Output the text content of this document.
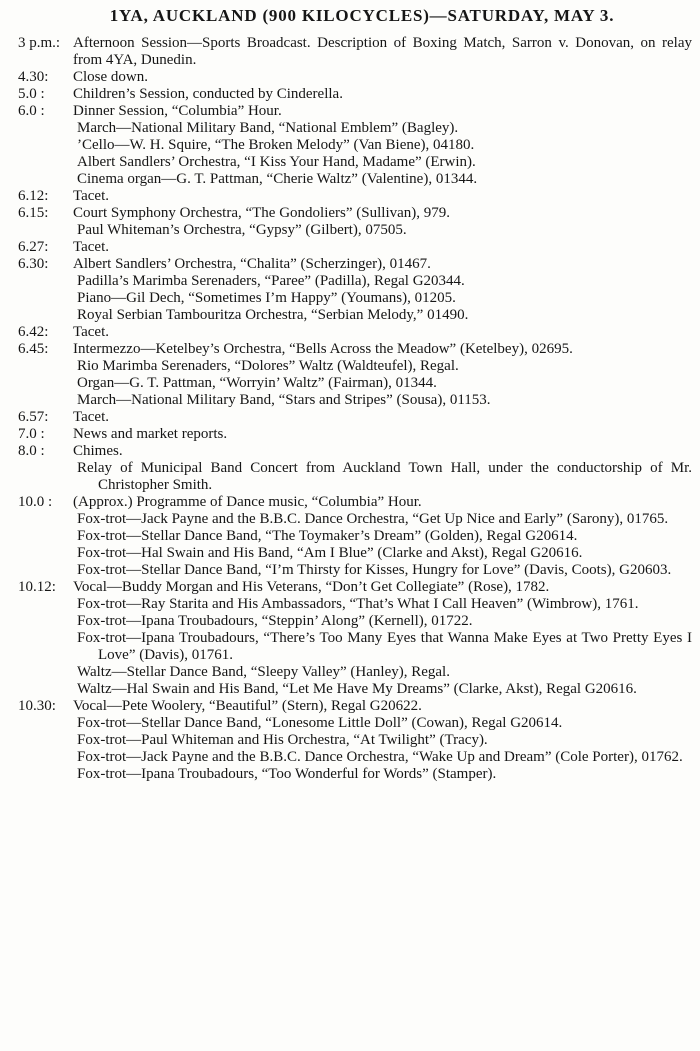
1YA, AUCKLAND (900 KILOCYCLES)—SATURDAY, MAY 3.
3 p.m.: Afternoon Session—Sports Broadcast. Description of Boxing Match, Sarron v. Donovan, on relay from 4YA, Dunedin.
4.30:	Close down.
5.0 :	Children’s Session, conducted by Cinderella.
6.0 :	Dinner Session, “Columbia” Hour.
March—National Military Band, “National Emblem” (Bagley).
’Cello—W. H. Squire, “The Broken Melody” (Van Biene), 04180.
Albert Sandlers’ Orchestra, “I Kiss Your Hand, Madame” (Erwin).
Cinema organ—G. T. Pattman, “Cherie Waltz” (Valentine), 01344.
6.12:	Tacet.
6.15:	Court Symphony Orchestra, “The Gondoliers” (Sullivan), 979.
Paul Whiteman’s Orchestra, “Gypsy” (Gilbert), 07505.
6.27:	Tacet.
6.30:	Albert Sandlers’ Orchestra, “Chalita” (Scherzinger), 01467.
Padilla’s Marimba Serenaders, “Paree” (Padilla), Regal G20344.
Piano—Gil Dech, “Sometimes I’m Happy” (Youmans), 01205.
Royal Serbian Tambouritza Orchestra, “Serbian Melody,” 01490.
6.42:	Tacet.
6.45:	Intermezzo—Ketelbey’s Orchestra, “Bells Across the Meadow” (Ketelbey), 02695.
Rio Marimba Serenaders, “Dolores” Waltz (Waldteufel), Regal.
Organ—G. T. Pattman, “Worryin’ Waltz” (Fairman), 01344.
March—National Military Band, “Stars and Stripes” (Sousa), 01153.
6.57:	Tacet.
7.0 :	News and market reports.
8.0 :	Chimes.
Relay of Municipal Band Concert from Auckland Town Hall, under the conductorship of Mr. Christopher Smith.
10.0 :	(Approx.) Programme of Dance music, “Columbia” Hour.
Fox-trot—Jack Payne and the B.B.C. Dance Orchestra, “Get Up Nice and Early” (Sarony), 01765.
Fox-trot—Stellar Dance Band, “The Toymaker’s Dream” (Golden), Regal G20614.
Fox-trot—Hal Swain and His Band, “Am I Blue” (Clarke and Akst), Regal G20616.
Fox-trot—Stellar Dance Band, “I’m Thirsty for Kisses, Hungry for Love” (Davis, Coots), G20603.
10.12:	Vocal—Buddy Morgan and His Veterans, “Don’t Get Collegiate” (Rose), 1782.
Fox-trot—Ray Starita and His Ambassadors, “That’s What I Call Heaven” (Wimbrow), 1761.
Fox-trot—Ipana Troubadours, “Steppin’ Along” (Kernell), 01722.
Fox-trot—Ipana Troubadours, “There’s Too Many Eyes that Wanna Make Eyes at Two Pretty Eyes I Love” (Davis), 01761.
Waltz—Stellar Dance Band, “Sleepy Valley” (Hanley), Regal.
Waltz—Hal Swain and His Band, “Let Me Have My Dreams” (Clarke, Akst), Regal G20616.
10.30:	Vocal—Pete Woolery, “Beautiful” (Stern), Regal G20622.
Fox-trot—Stellar Dance Band, “Lonesome Little Doll” (Cowan), Regal G20614.
Fox-trot—Paul Whiteman and His Orchestra, “At Twilight” (Tracy).
Fox-trot—Jack Payne and the B.B.C. Dance Orchestra, “Wake Up and Dream” (Cole Porter), 01762.
Fox-trot—Ipana Troubadours, “Too Wonderful for Words” (Stamper).
